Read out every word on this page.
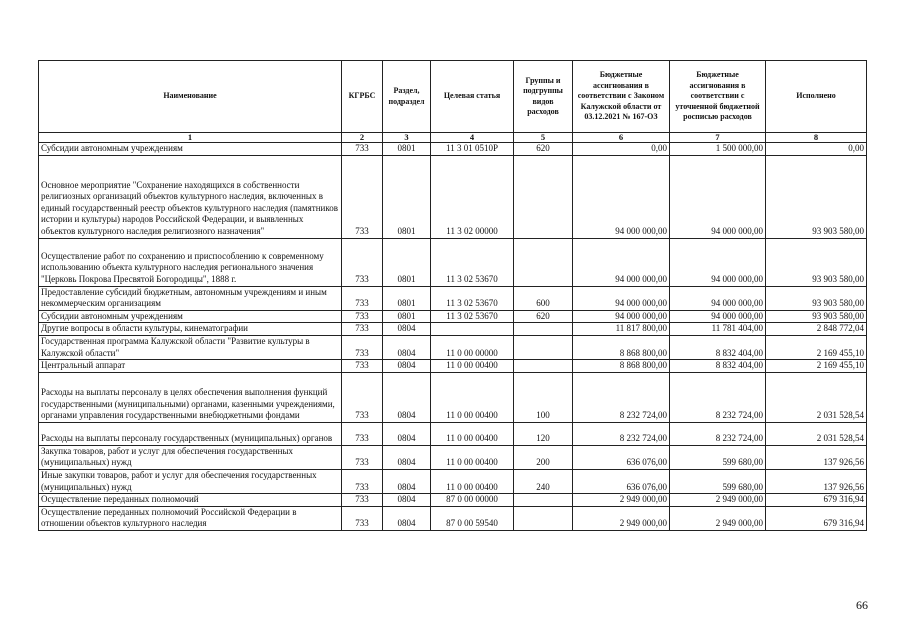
Наименование	КГРБС	Раздел, подраздел	Целевая статья	Группы и подгруппы видов расходов	Бюджетные ассигнования в соответствии с Законом Калужской области от 03.12.2021 № 167-ОЗ	Бюджетные ассигнования в соответствии с уточненной бюджетной росписью расходов	Исполнено
1	2	3	4	5	6	7	8
Субсидии автономным учреждениям	733	0801	11 3 01 0510Р	620	0,00	1 500 000,00	0,00
Основное мероприятие "Сохранение находящихся в собственности религиозных организаций объектов культурного наследия, включенных в единый государственный реестр объектов культурного наследия (памятников истории и культуры) народов Российской Федерации, и выявленных объектов культурного наследия религиозного назначения"	733	0801	11 3 02 00000		94 000 000,00	94 000 000,00	93 903 580,00
Осуществление работ по сохранению и приспособлению к современному использованию объекта культурного наследия регионального значения "Церковь Покрова Пресвятой Богородицы", 1888 г.	733	0801	11 3 02 53670		94 000 000,00	94 000 000,00	93 903 580,00
Предоставление субсидий бюджетным, автономным учреждениям и иным некоммерческим организациям	733	0801	11 3 02 53670	600	94 000 000,00	94 000 000,00	93 903 580,00
Субсидии автономным учреждениям	733	0801	11 3 02 53670	620	94 000 000,00	94 000 000,00	93 903 580,00
Другие вопросы в области культуры, кинематографии	733	0804			11 817 800,00	11 781 404,00	2 848 772,04
Государственная программа Калужской области "Развитие культуры в Калужской области"	733	0804	11 0 00 00000		8 868 800,00	8 832 404,00	2 169 455,10
Центральный аппарат	733	0804	11 0 00 00400		8 868 800,00	8 832 404,00	2 169 455,10
Расходы на выплаты персоналу в целях обеспечения выполнения функций государственными (муниципальными) органами, казенными учреждениями, органами управления государственными внебюджетными фондами	733	0804	11 0 00 00400	100	8 232 724,00	8 232 724,00	2 031 528,54
Расходы на выплаты персоналу государственных (муниципальных) органов	733	0804	11 0 00 00400	120	8 232 724,00	8 232 724,00	2 031 528,54
Закупка товаров, работ и услуг для обеспечения государственных (муниципальных) нужд	733	0804	11 0 00 00400	200	636 076,00	599 680,00	137 926,56
Иные закупки товаров, работ и услуг для обеспечения государственных (муниципальных) нужд	733	0804	11 0 00 00400	240	636 076,00	599 680,00	137 926,56
Осуществление переданных полномочий	733	0804	87 0 00 00000		2 949 000,00	2 949 000,00	679 316,94
Осуществление переданных полномочий Российской Федерации в отношении объектов культурного наследия	733	0804	87 0 00 59540		2 949 000,00	2 949 000,00	679 316,94
66
